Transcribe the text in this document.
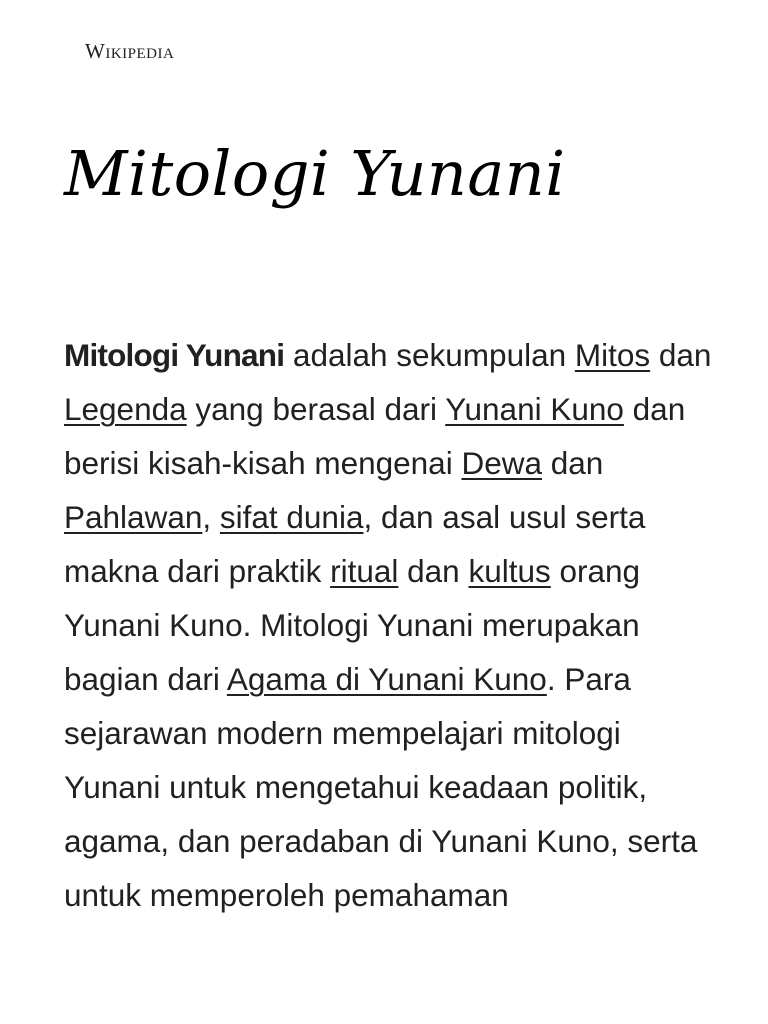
Wikipedia
Mitologi Yunani

Mitologi Yunani adalah sekumpulan Mitos dan Legenda yang berasal dari Yunani Kuno dan berisi kisah-kisah mengenai Dewa dan Pahlawan, sifat dunia, dan asal usul serta makna dari praktik ritual dan kultus orang Yunani Kuno. Mitologi Yunani merupakan bagian dari Agama di Yunani Kuno. Para sejarawan modern mempelajari mitologi Yunani untuk mengetahui keadaan politik, agama, dan peradaban di Yunani Kuno, serta untuk memperoleh pemahaman
